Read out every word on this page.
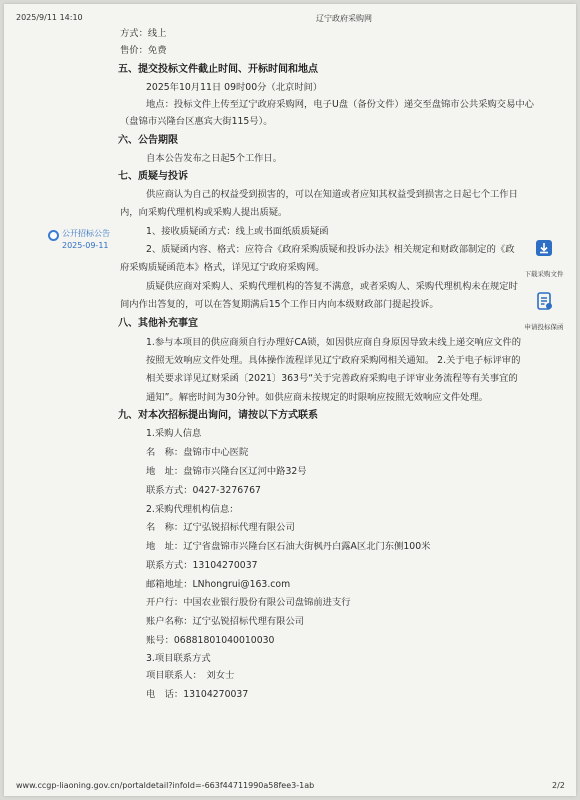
2025/9/11 14:10	辽宁政府采购网
公开招标公告
2025-09-11
下载采购文件
申请投标保函
方式：线上
售价：免费
五、提交投标文件截止时间、开标时间和地点
2025年10月11日 09时00分（北京时间）
地点：投标文件上传至辽宁政府采购网，电子U盘（备份文件）递交至盘锦市公共采购交易中心
（盘锦市兴隆台区惠宾大街115号）。
六、公告期限
自本公告发布之日起5个工作日。
七、质疑与投诉
供应商认为自己的权益受到损害的，可以在知道或者应知其权益受到损害之日起七个工作日
内，向采购代理机构或采购人提出质疑。
1、接收质疑函方式：线上或书面纸质质疑函
2、质疑函内容、格式：应符合《政府采购质疑和投诉办法》相关规定和财政部制定的《政
府采购质疑函范本》格式，详见辽宁政府采购网。
质疑供应商对采购人、采购代理机构的答复不满意，或者采购人、采购代理机构未在规定时
间内作出答复的，可以在答复期满后15个工作日内向本级财政部门提起投诉。
八、其他补充事宜
1.参与本项目的供应商须自行办理好CA锁，如因供应商自身原因导致未线上递交响应文件的
按照无效响应文件处理。具体操作流程详见辽宁政府采购网相关通知。 2.关于电子标评审的
相关要求详见辽财采函〔2021〕363号“关于完善政府采购电子评审业务流程等有关事宜的
通知”。解密时间为30分钟。如供应商未按规定的时限响应按照无效响应文件处理。
九、对本次招标提出询问，请按以下方式联系
1.采购人信息
名　称：盘锦市中心医院
地　址：盘锦市兴隆台区辽河中路32号
联系方式：0427-3276767
2.采购代理机构信息：
名　称：辽宁弘锐招标代理有限公司
地　址：辽宁省盘锦市兴隆台区石油大街枫丹白露A区北门东侧100米
联系方式：13104270037
邮箱地址：LNhongrui@163.com
开户行：中国农业银行股份有限公司盘锦前进支行
账户名称：辽宁弘锐招标代理有限公司
账号：06881801040010030
3.项目联系方式
项目联系人：　刘女士
电　话：13104270037
www.ccgp-liaoning.gov.cn/portaldetail?infoId=-663f44711990a58fee3-1ab	2/2
